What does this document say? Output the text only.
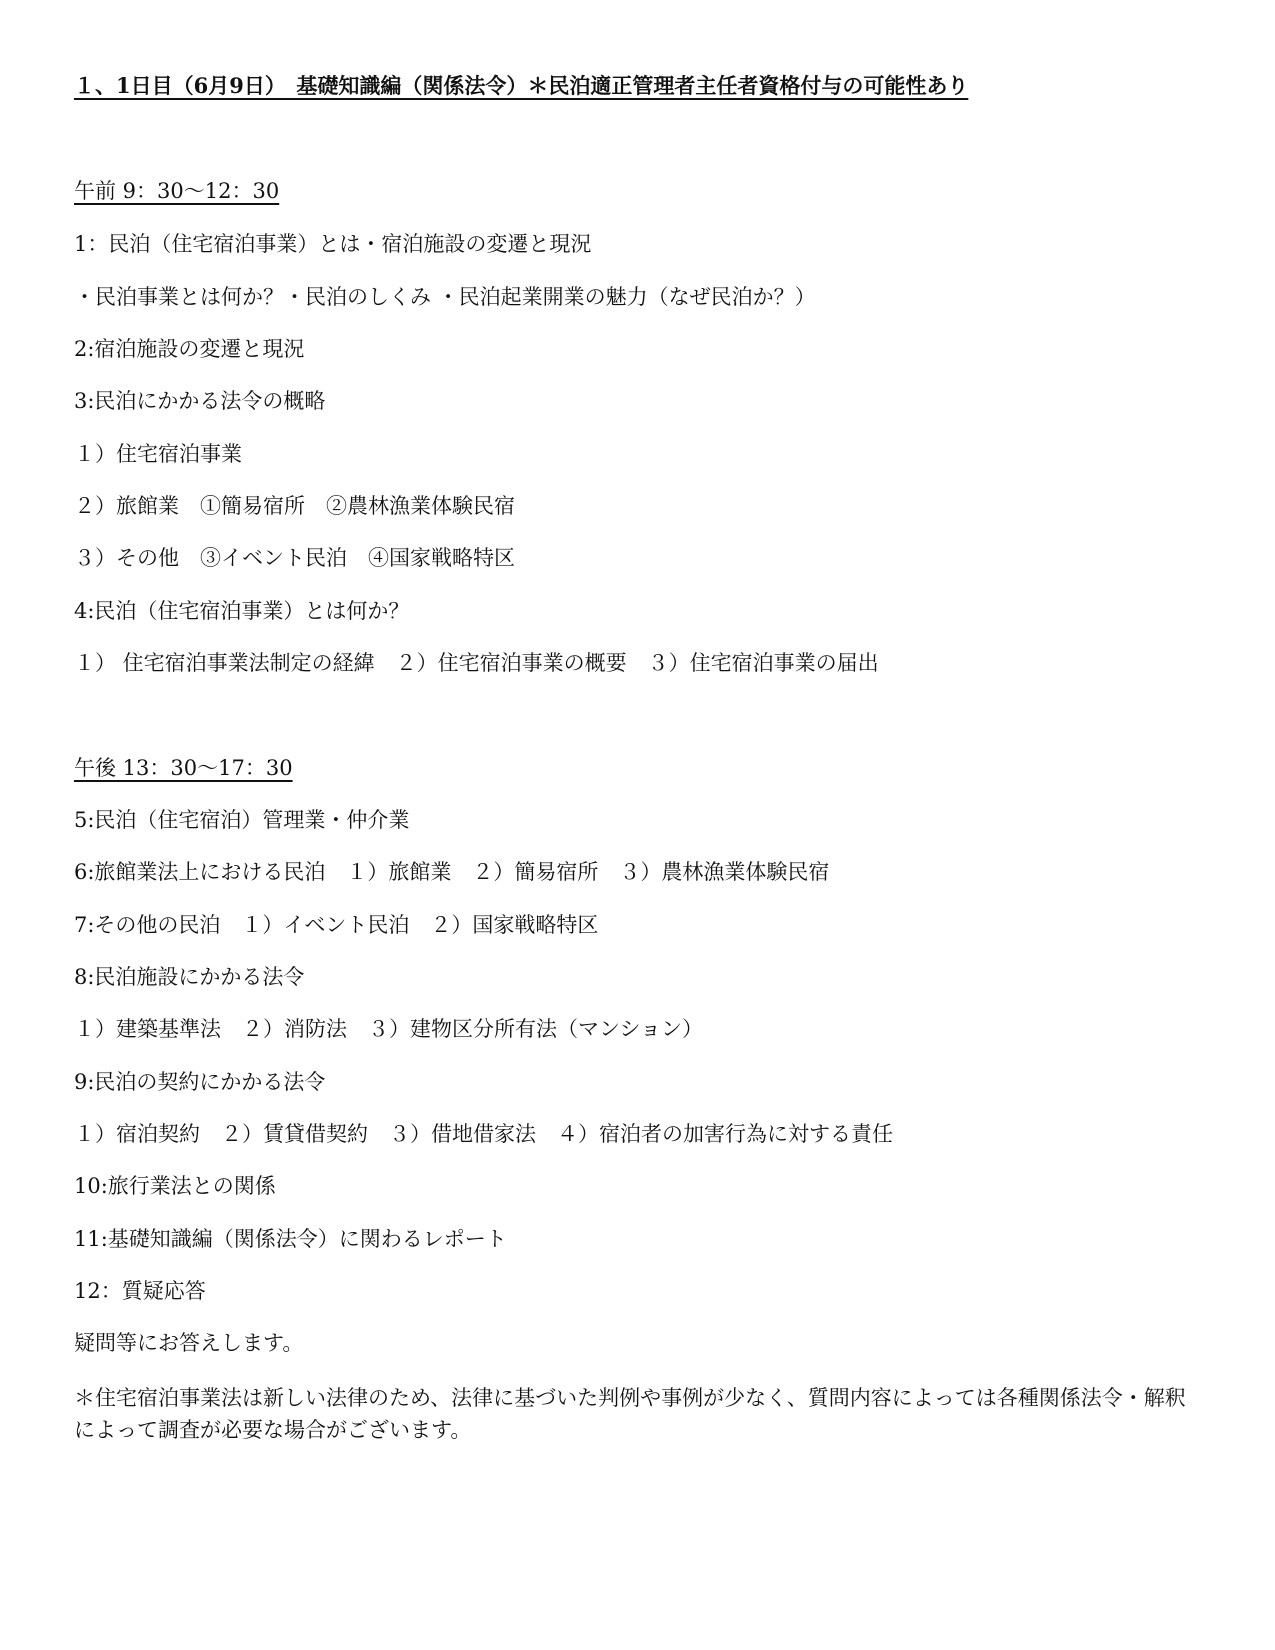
１、1日目（6月9日）　基礎知識編（関係法令）＊民泊適正管理者主任者資格付与の可能性あり
午前 9：30〜12：30
1：民泊（住宅宿泊事業）とは・宿泊施設の変遷と現況
・民泊事業とは何か？・民泊のしくみ ・民泊起業開業の魅力（なぜ民泊か？）
2:宿泊施設の変遷と現況
3:民泊にかかる法令の概略
１）住宅宿泊事業
２）旅館業　①簡易宿所　②農林漁業体験民宿
３）その他　③イベント民泊　④国家戦略特区
4:民泊（住宅宿泊事業）とは何か？
１） 住宅宿泊事業法制定の経緯　２）住宅宿泊事業の概要　３）住宅宿泊事業の届出
午後 13：30〜17：30
5:民泊（住宅宿泊）管理業・仲介業
6:旅館業法上における民泊　１）旅館業　２）簡易宿所　３）農林漁業体験民宿
7:その他の民泊　１）イベント民泊　２）国家戦略特区
8:民泊施設にかかる法令
１）建築基準法　２）消防法　３）建物区分所有法（マンション）
9:民泊の契約にかかる法令
１）宿泊契約　２）賃貸借契約　３）借地借家法　４）宿泊者の加害行為に対する責任
10:旅行業法との関係
11:基礎知識編（関係法令）に関わるレポート
12：質疑応答
疑問等にお答えします。
＊住宅宿泊事業法は新しい法律のため、法律に基づいた判例や事例が少なく、質問内容によっては各種関係法令・解釈によって調査が必要な場合がございます。
